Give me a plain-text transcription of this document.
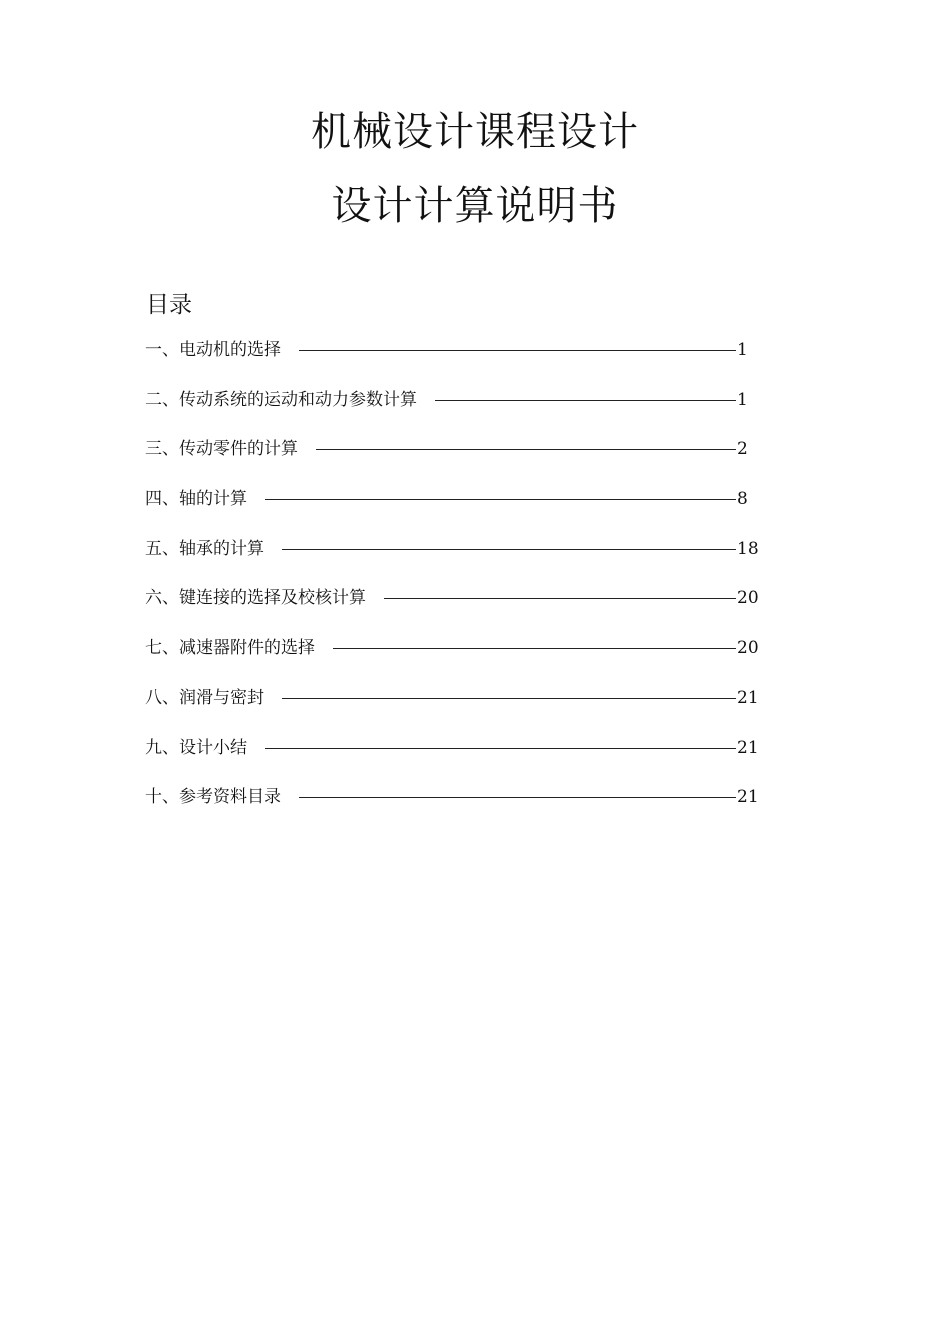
机械设计课程设计
设计计算说明书
目录
一、电动机的选择	1
二、传动系统的运动和动力参数计算	1
三、传动零件的计算	2
四、轴的计算	8
五、轴承的计算	18
六、键连接的选择及校核计算	20
七、减速器附件的选择	20
八、润滑与密封	21
九、设计小结	21
十、参考资料目录	21
